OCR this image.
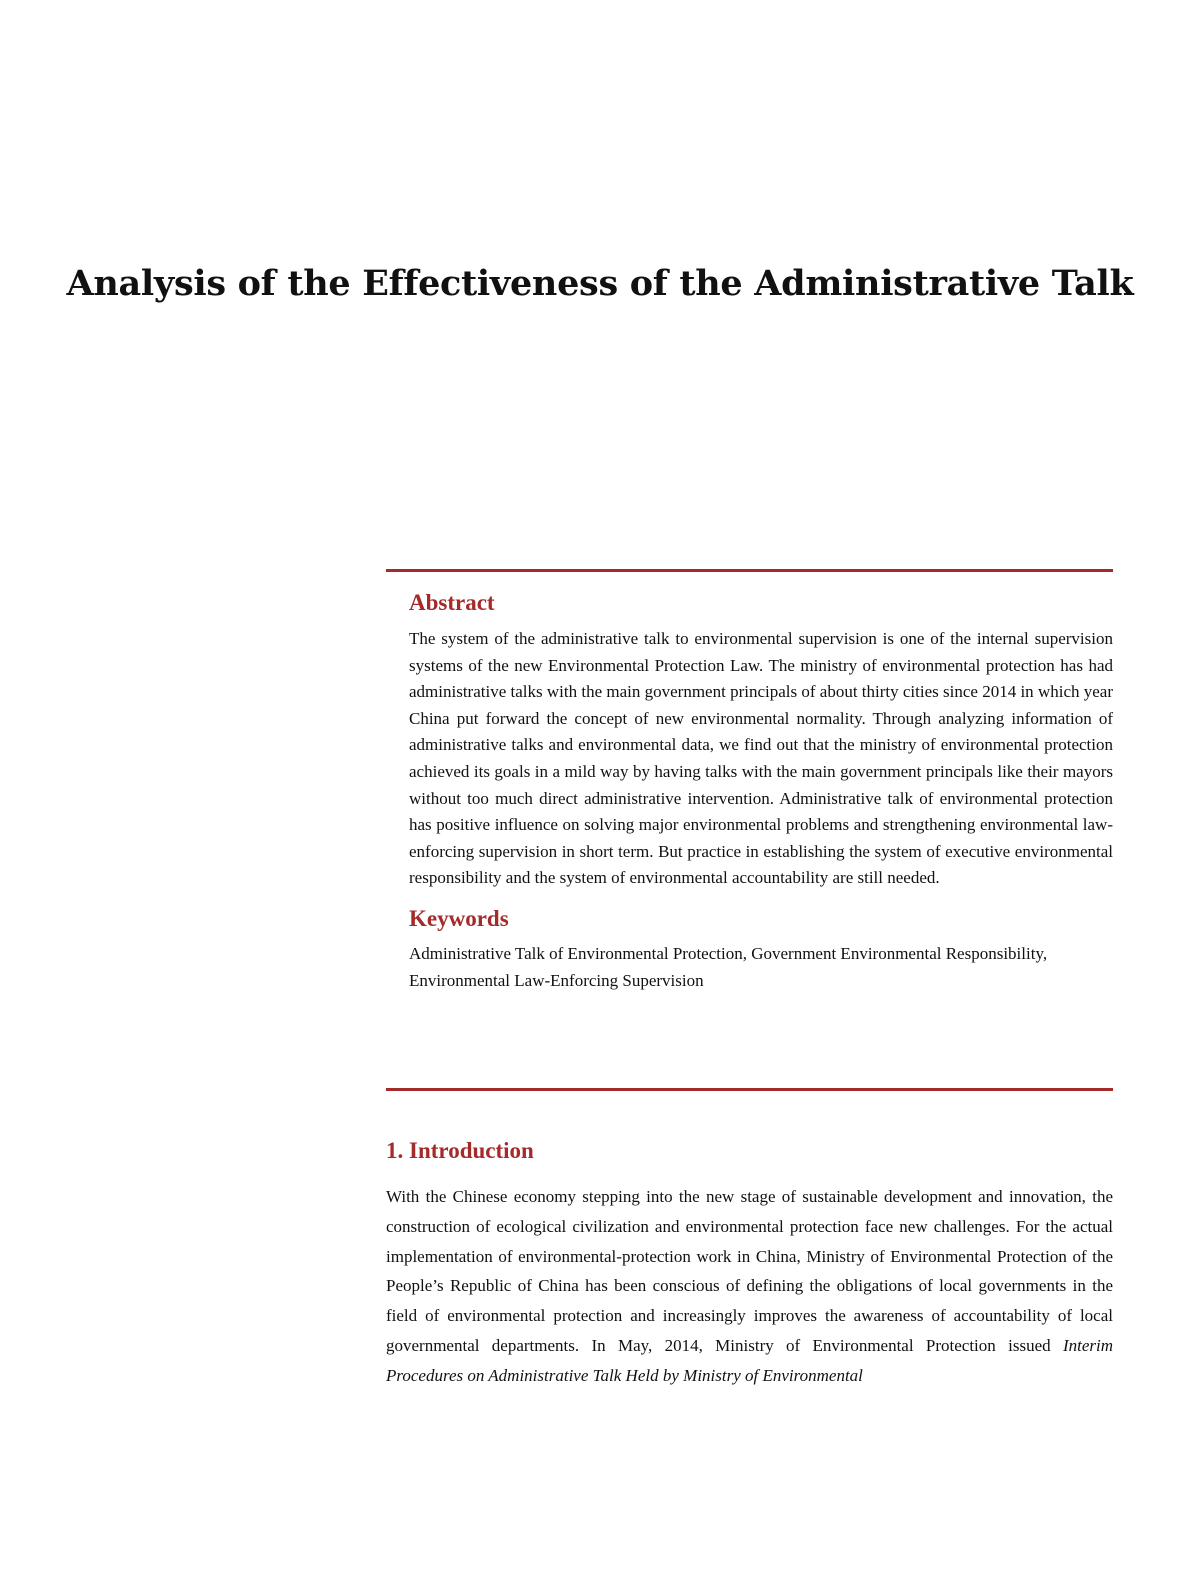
Analysis of the Effectiveness of the Administrative Talk
Abstract

The system of the administrative talk to environmental supervision is one of the internal supervision systems of the new Environmental Protection Law. The ministry of environmental protection has had administrative talks with the main government principals of about thirty cities since 2014 in which year China put forward the concept of new environmental normality. Through analyzing information of administrative talks and environmental data, we find out that the ministry of environmental protection achieved its goals in a mild way by having talks with the main government principals like their mayors without too much direct administrative intervention. Administrative talk of environmental protection has positive influence on solving major environmental problems and strengthening environmental law-enforcing supervision in short term. But practice in establishing the system of executive environmental responsibility and the system of environmental accountability are still needed.

Keywords

Administrative Talk of Environmental Protection, Government Environmental Responsibility, Environmental Law-Enforcing Supervision

1. Introduction

With the Chinese economy stepping into the new stage of sustainable development and innovation, the construction of ecological civilization and environmental protection face new challenges. For the actual implementation of environmental-protection work in China, Ministry of Environmental Protection of the People’s Republic of China has been conscious of defining the obligations of local governments in the field of environmental protection and increasingly improves the awareness of accountability of local governmental departments. In May, 2014, Ministry of Environmental Protection issued Interim Procedures on Administrative Talk Held by Ministry of Environmental
